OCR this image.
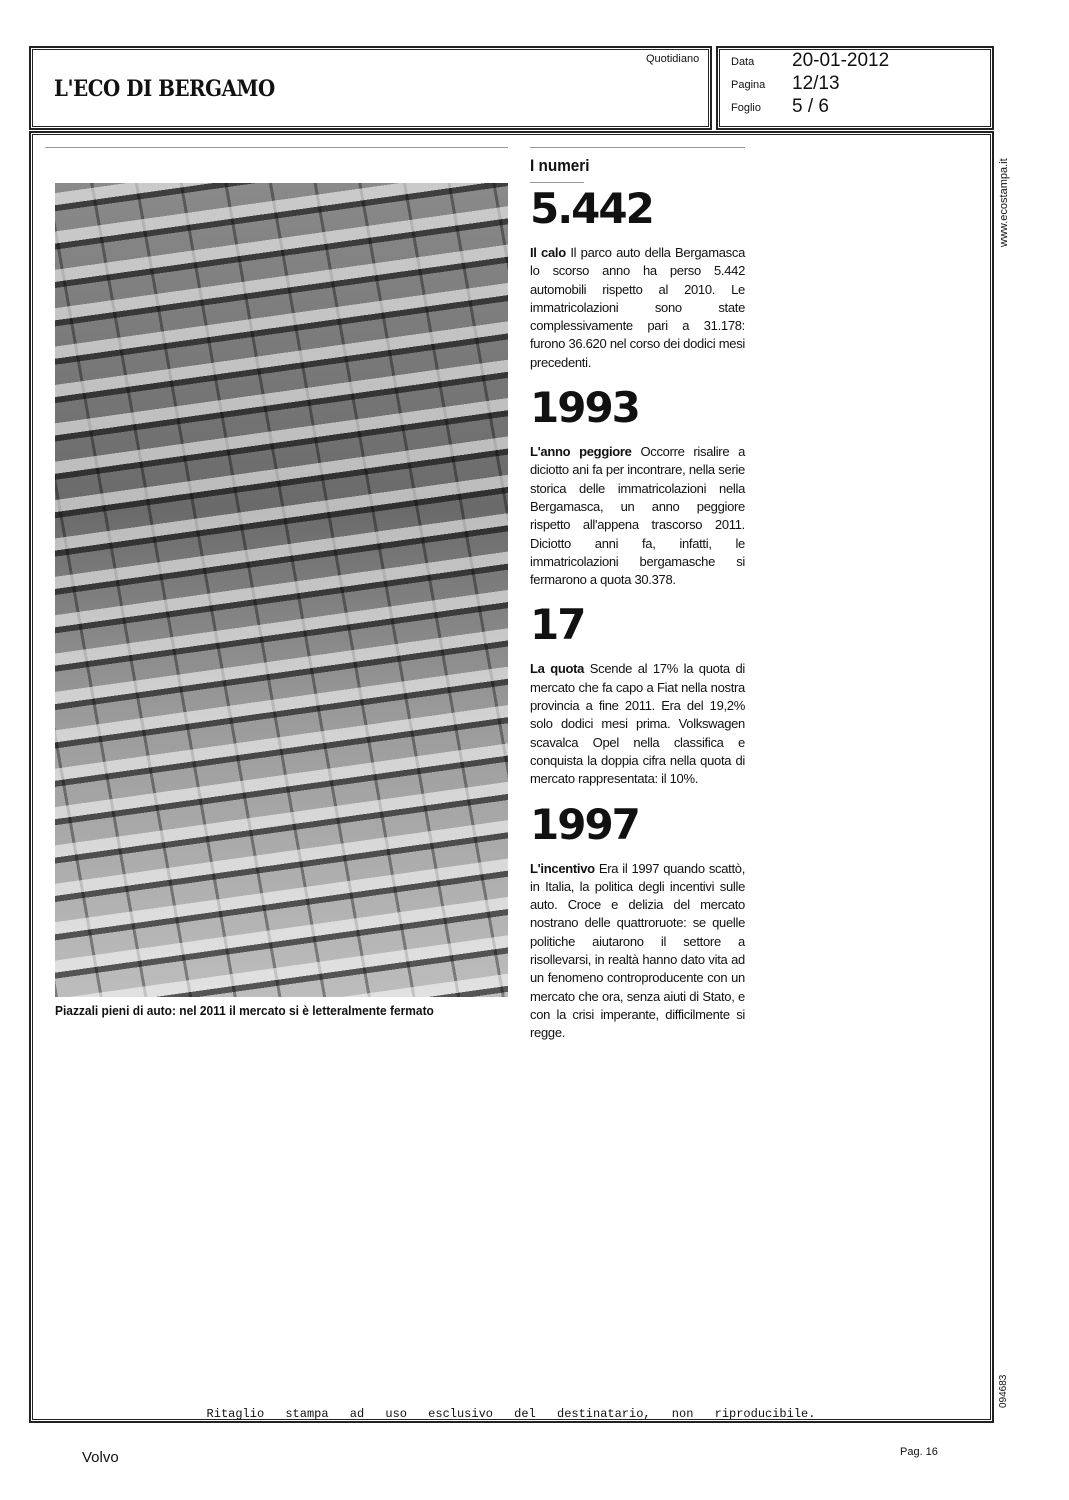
L'ECO DI BERGAMO
Quotidiano	Data 20-01-2012
Pagina 12/13
Foglio 5 / 6
Piazzali pieni di auto: nel 2011 il mercato si è letteralmente fermato
I numeri
5.442

Il calo Il parco auto della Bergamasca lo scorso anno ha perso 5.442 automobili rispetto al 2010. Le immatricolazioni sono state complessivamente pari a 31.178: furono 36.620 nel corso dei dodici mesi precedenti.

1993

L'anno peggiore Occorre risalire a diciotto ani fa per incontrare, nella serie storica delle immatricolazioni nella Bergamasca, un anno peggiore rispetto all'appena trascorso 2011. Diciotto anni fa, infatti, le immatricolazioni bergamasche si fermarono a quota 30.378.

17

La quota Scende al 17% la quota di mercato che fa capo a Fiat nella nostra provincia a fine 2011. Era del 19,2% solo dodici mesi prima. Volkswagen scavalca Opel nella classifica e conquista la doppia cifra nella quota di mercato rappresentata: il 10%.

1997

L'incentivo Era il 1997 quando scattò, in Italia, la politica degli incentivi sulle auto. Croce e delizia del mercato nostrano delle quattroruote: se quelle politiche aiutarono il settore a risollevarsi, in realtà hanno dato vita ad un fenomeno controproducente con un mercato che ora, senza aiuti di Stato, e con la crisi imperante, difficilmente si regge.

Ritaglio stampa ad uso esclusivo del destinatario, non riproducibile.
www.ecostampa.it
094683
Volvo	Pag. 16
